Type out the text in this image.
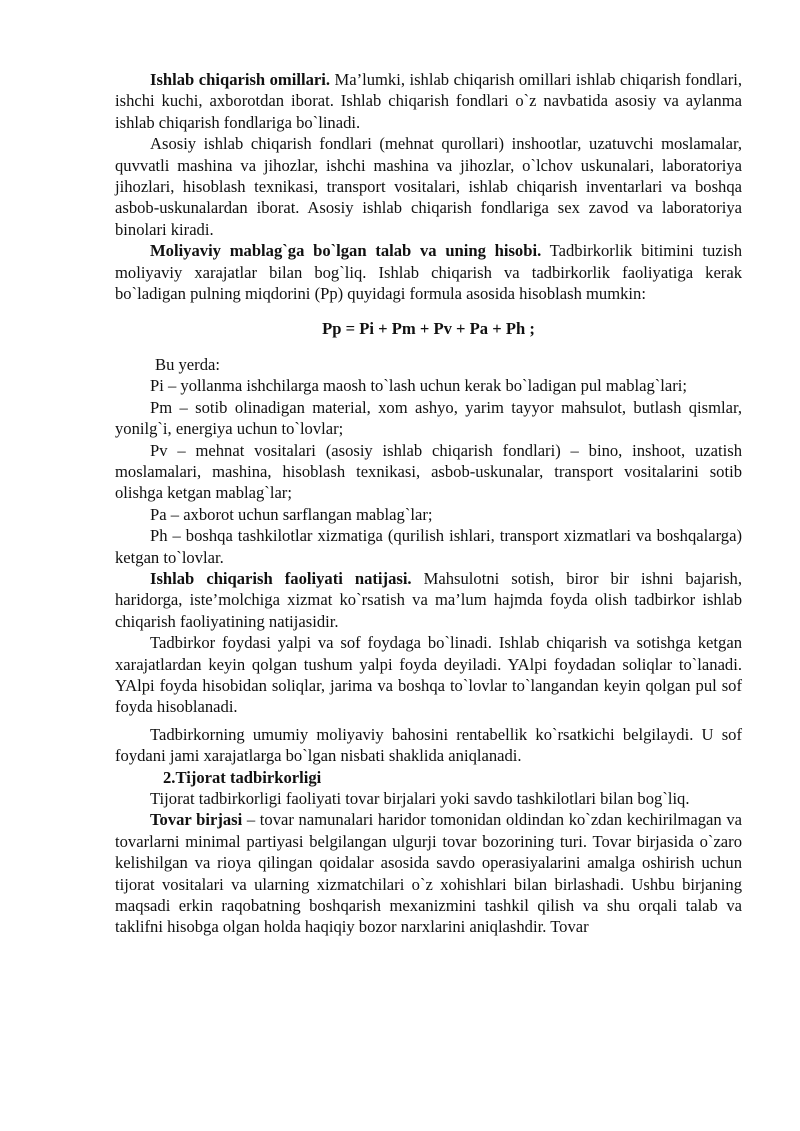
Ishlab chiqarish omillari. Ma’lumki, ishlab chiqarish omillari ishlab chiqarish fondlari, ishchi kuchi, axborotdan iborat. Ishlab chiqarish fondlari o`z navbatida asosiy va aylanma ishlab chiqarish fondlariga bo`linadi.

Asosiy ishlab chiqarish fondlari (mehnat qurollari) inshootlar, uzatuvchi moslamalar, quvvatli mashina va jihozlar, ishchi mashina va jihozlar, o`lchov uskunalari, laboratoriya jihozlari, hisoblash texnikasi, transport vositalari, ishlab chiqarish inventarlari va boshqa asbob-uskunalardan iborat. Asosiy ishlab chiqarish fondlariga sex zavod va laboratoriya binolari kiradi.

Moliyaviy mablag`ga bo`lgan talab va uning hisobi. Tadbirkorlik bitimini tuzish moliyaviy xarajatlar bilan bog`liq. Ishlab chiqarish va tadbirkorlik faoliyatiga kerak bo`ladigan pulning miqdorini (Pp) quyidagi formula asosida hisoblash mumkin:

Pp = Pi + Pm + Pv + Pa + Ph ;

Bu yerda:

Pi – yollanma ishchilarga maosh to`lash uchun kerak bo`ladigan pul mablag`lari;

Pm – sotib olinadigan material, xom ashyo, yarim tayyor mahsulot, butlash qismlar, yonilg`i, energiya uchun to`lovlar;

Pv – mehnat vositalari (asosiy ishlab chiqarish fondlari) – bino, inshoot, uzatish moslamalari, mashina, hisoblash texnikasi, asbob-uskunalar, transport vositalarini sotib olishga ketgan mablag`lar;

Pa – axborot uchun sarflangan mablag`lar;

Ph – boshqa tashkilotlar xizmatiga (qurilish ishlari, transport xizmatlari va boshqalarga) ketgan to`lovlar.

Ishlab chiqarish faoliyati natijasi. Mahsulotni sotish, biror bir ishni bajarish, haridorga, iste’molchiga xizmat ko`rsatish va ma’lum hajmda foyda olish tadbirkor ishlab chiqarish faoliyatining natijasidir.

Tadbirkor foydasi yalpi va sof foydaga bo`linadi. Ishlab chiqarish va sotishga ketgan xarajatlardan keyin qolgan tushum yalpi foyda deyiladi. YAlpi foydadan soliqlar to`lanadi. YAlpi foyda hisobidan soliqlar, jarima va boshqa to`lovlar to`langandan keyin qolgan pul sof foyda hisoblanadi.

Tadbirkorning umumiy moliyaviy bahosini rentabellik ko`rsatkichi belgilaydi. U sof foydani jami xarajatlarga bo`lgan nisbati shaklida aniqlanadi.

2.Tijorat tadbirkorligi

Tijorat tadbirkorligi faoliyati tovar birjalari yoki savdo tashkilotlari bilan bog`liq.

Tovar birjasi – tovar namunalari haridor tomonidan oldindan ko`zdan kechirilmagan va tovarlarni minimal partiyasi belgilangan ulgurji tovar bozorining turi. Tovar birjasida o`zaro kelishilgan va rioya qilingan qoidalar asosida savdo operasiyalarini amalga oshirish uchun tijorat vositalari va ularning xizmatchilari o`z xohishlari bilan birlashadi. Ushbu birjaning maqsadi erkin raqobatning boshqarish mexanizmini tashkil qilish va shu orqali talab va taklifni hisobga olgan holda haqiqiy bozor narxlarini aniqlashdir. Tovar
